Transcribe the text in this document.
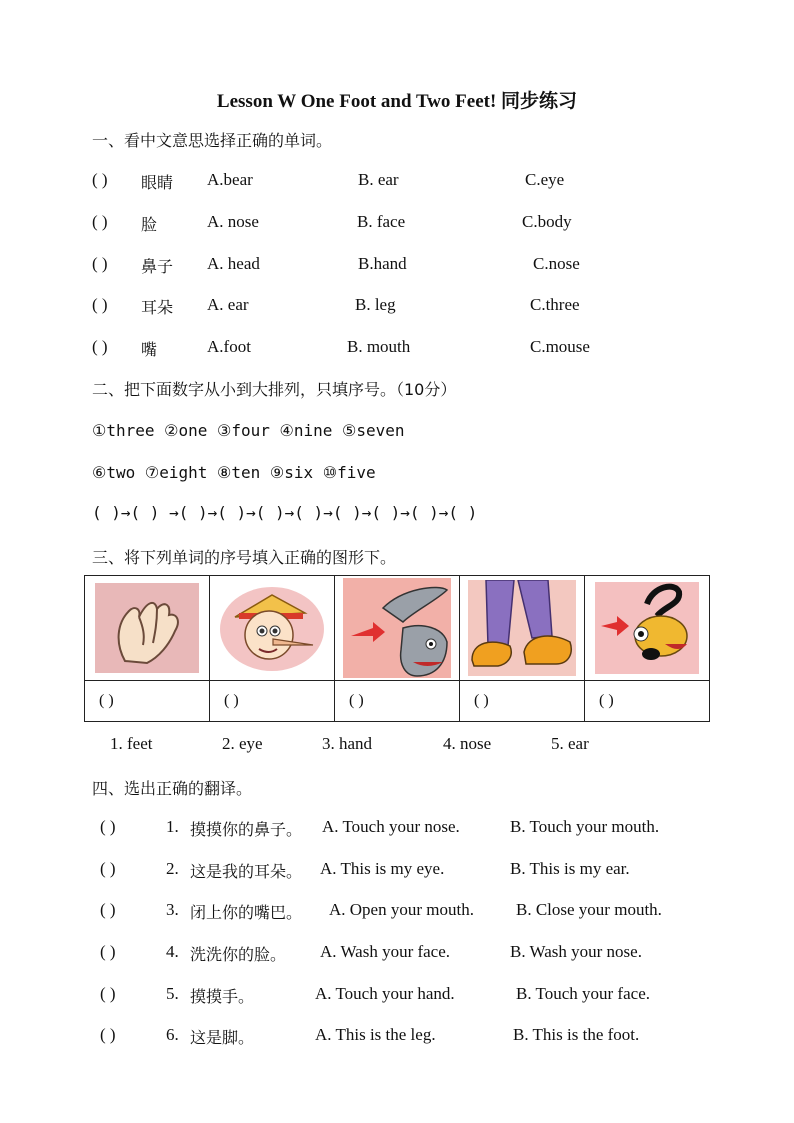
Lesson W One Foot and Two Feet! 同步练习
一、看中文意思选择正确的单词。
( ) 眼睛 A.bear	B. ear	C.eye
( ) 脸	A. nose	B. face	C.body
( ) 鼻子 A. head	B.hand	C.nose
( ) 耳朵 A. ear	B. leg	C.three
( ) 嘴	A.foot	B. mouth	C.mouse
二、把下面数字从小到大排列，只填序号。（10分）
①three ②one ③four ④nine ⑤seven
⑥two ⑦eight ⑧ten ⑨six ⑩five
( )→( ) →( )→( )→( )→( )→( )→( )→( )→( )
三、将下列单词的序号填入正确的图形下。

( )	( )	( )	( )	( )
1. feet	2. eye	3. hand	4. nose	5. ear
四、选出正确的翻译。
( )	1. 摸摸你的鼻子。 A. Touch your nose.	B. Touch your mouth.
( )	2. 这是我的耳朵。 A. This is my eye.	B. This is my ear.
( )	3. 闭上你的嘴巴。 A. Open your mouth. B. Close your mouth.
( )	4. 洗洗你的脸。 A. Wash your face.	B. Wash your nose.
( )	5. 摸摸手。	A. Touch your hand.	B. Touch your face.
( )	6. 这是脚。	A. This is the leg.	B. This is the foot.
